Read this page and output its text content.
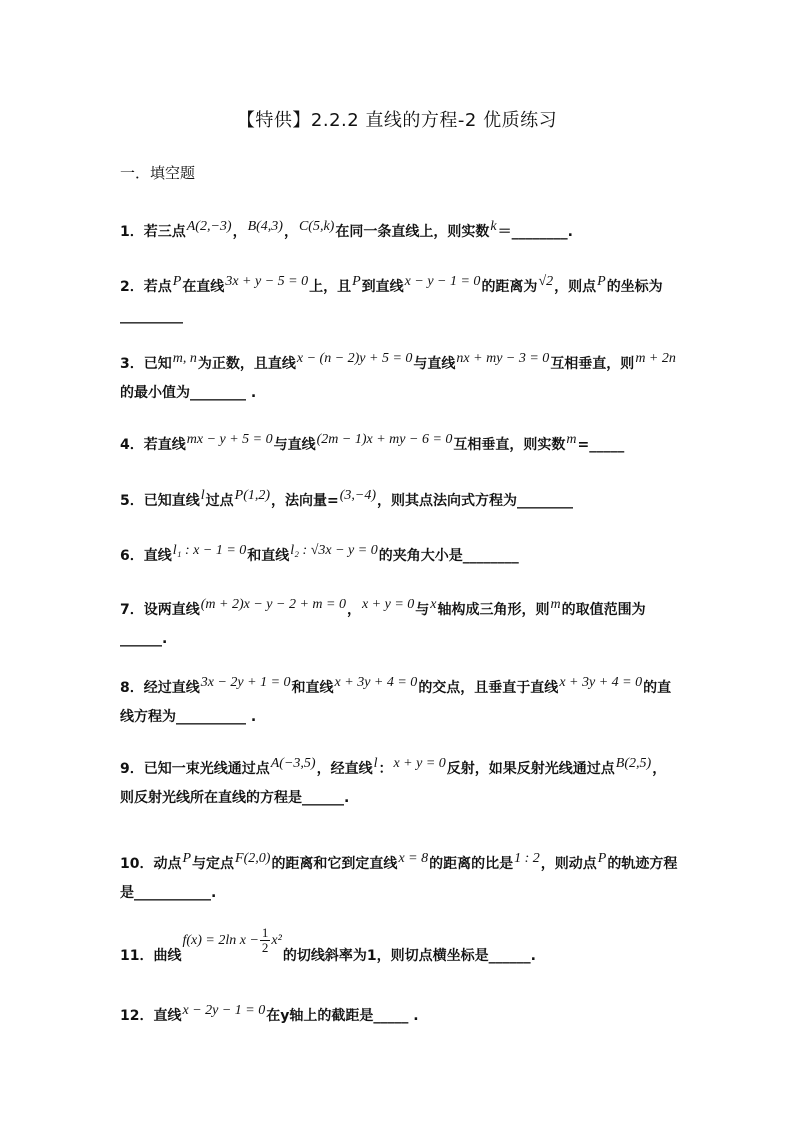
【特供】2.2.2 直线的方程-2 优质练习
一．填空题
1．若三点A(2,−3)，B(4,3)，C(5,k)在同一条直线上，则实数k＝________.
2．若点P在直线3x + y − 5 = 0上，且P到直线x − y − 1 = 0的距离为√2，则点P的坐标为_________
3．已知m, n为正数，且直线x − (n − 2)y + 5 = 0与直线nx + my − 3 = 0互相垂直，则m + 2n的最小值为________ .
4．若直线mx − y + 5 = 0与直线(2m − 1)x + my − 6 = 0互相垂直，则实数m=_____
5．已知直线l过点P(1,2)，法向量=(3,−4)，则其点法向式方程为________
6．直线l₁ : x − 1 = 0和直线l₂ : √3x − y = 0的夹角大小是________
7．设两直线(m + 2)x − y − 2 + m = 0，x + y = 0与x轴构成三角形，则m的取值范围为______.
8．经过直线3x − 2y + 1 = 0和直线x + 3y + 4 = 0的交点，且垂直于直线x + 3y + 4 = 0的直线方程为__________ .
9．已知一束光线通过点A(−3,5)，经直线l：x + y = 0反射，如果反射光线通过点B(2,5)，则反射光线所在直线的方程是______.
10．动点P与定点F(2,0)的距离和它到定直线x = 8的距离的比是1 : 2，则动点P的轨迹方程是___________.
11．曲线f(x) = 2ln $x - \frac{1}{2} x^2$的切线斜率为1，则切点横坐标是______.
12．直线x − 2y − 1 = 0在y轴上的截距是_____ .
